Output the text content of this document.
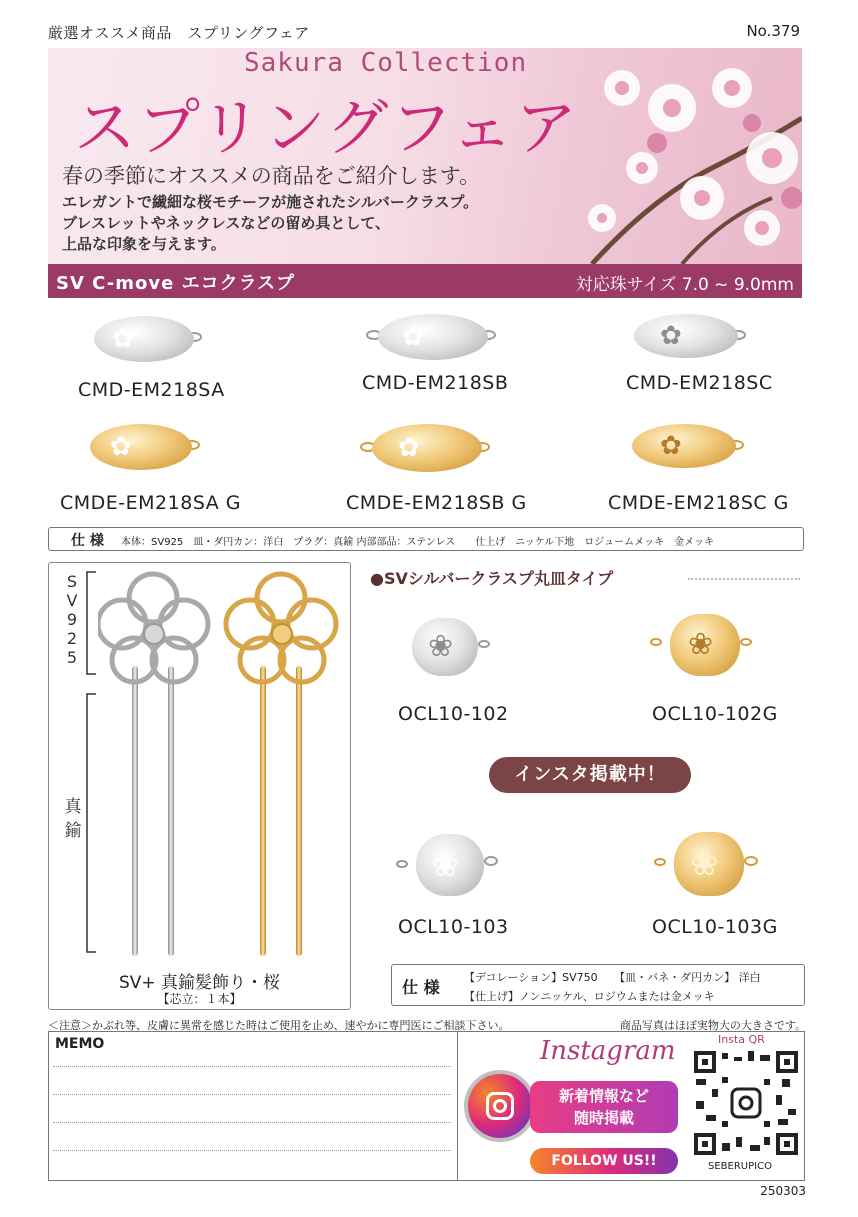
厳選オススメ商品　スプリングフェア	No.379
Sakura Collection
スプリングフェア
春の季節にオススメの商品をご紹介します。
エレガントで繊細な桜モチーフが施されたシルバークラスプ。
ブレスレットやネックレスなどの留め具として、
上品な印象を与えます。
SV C-move エコクラスプ	対応珠サイズ 7.0 ~ 9.0mm
✿
CMD-EM218SA
✿
CMD-EM218SB
✿
CMD-EM218SC
✿
CMDE-EM218SA G
✿
CMDE-EM218SB G
✿
CMDE-EM218SC G
仕 様 本体：SV925　皿・ダ円カン：洋白　プラグ：真鍮 内部部品：ステンレス　　仕上げ　ニッケル下地　ロジュームメッキ　金メッキ
S
V
9
2
5
真
鍮
SV+ 真鍮髪飾り・桜
【芯立：１本】
●SVシルバークラスプ丸皿タイプ
❀
OCL10-102
❀
OCL10-102G
インスタ掲載中！
❀
OCL10-103
❀
OCL10-103G
仕 様
【デコレーション】SV750　　【皿・バネ・ダ円カン】 洋白
【仕上げ】ノンニッケル、ロジウムまたは金メッキ
＜注意＞かぶれ等、皮膚に異常を感じた時はご使用を止め、速やかに専門医にご相談下さい。	商品写真はほぼ実物大の大きさです。
MEMO	Instagram
新着情報など
随時掲載
FOLLOW US!!
Insta QR
SEBERUPICO
250303
